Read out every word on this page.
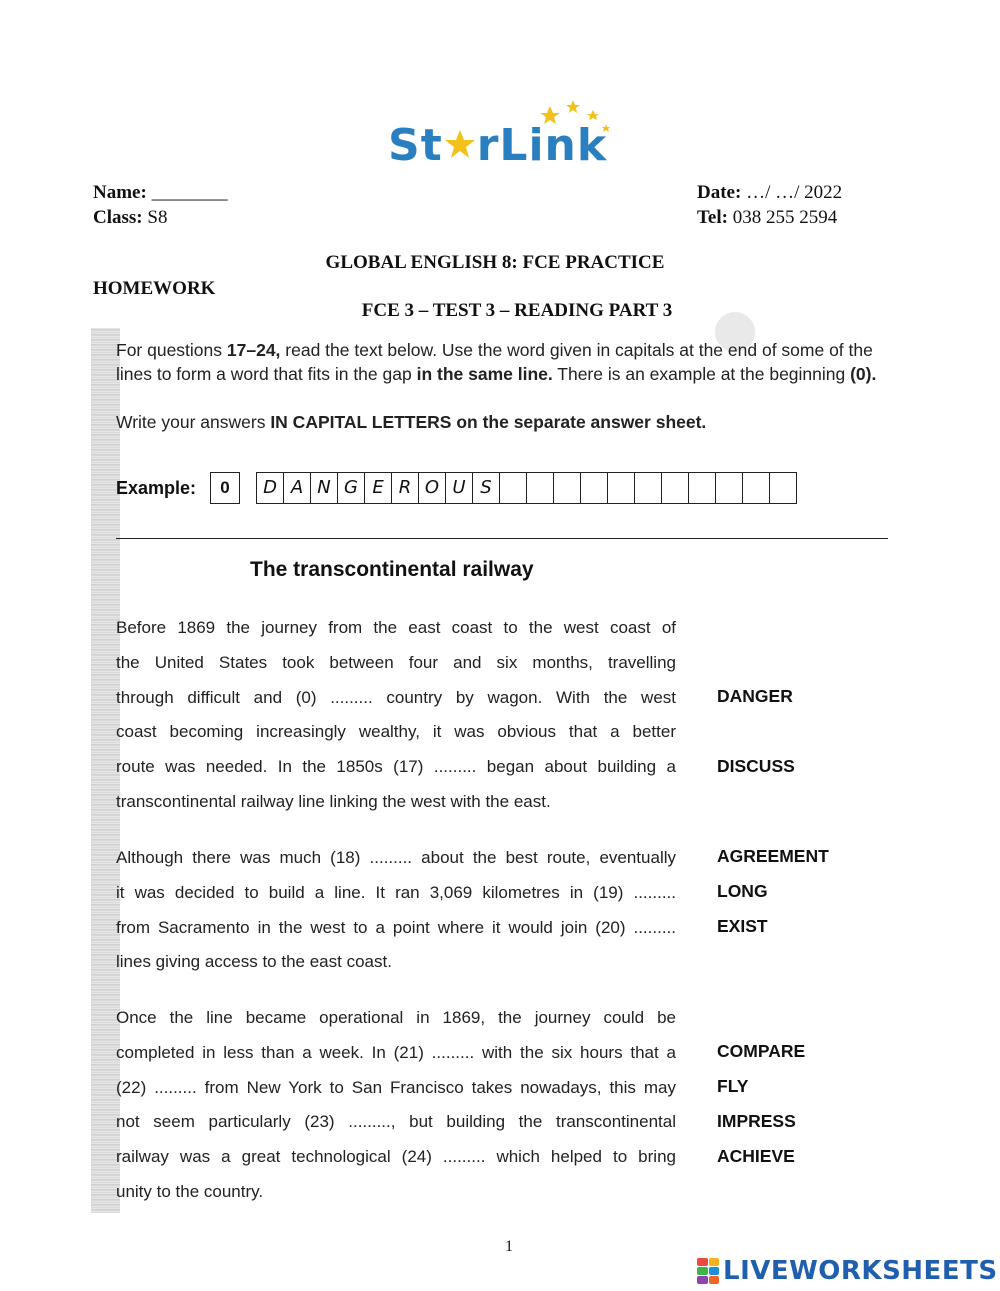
St rLink
Name: ________
Class: S8
Date: …/ …/ 2022
Tel: 038 255 2594
GLOBAL ENGLISH 8: FCE PRACTICE
HOMEWORK
FCE 3 – TEST 3 – READING PART 3
For questions 17–24, read the text below. Use the word given in capitals at the end of some of the
lines to form a word that fits in the gap in the same line. There is an example at the beginning (0).
Write your answers IN CAPITAL LETTERS on the separate answer sheet.
Example:	0	D A N G E R O U S
The transcontinental railway
Before 1869 the journey from the east coast to the west coast of
the United States took between four and six months, travelling
through difficult and (0) ......... country by wagon. With the west
coast becoming increasingly wealthy, it was obvious that a better
route was needed. In the 1850s (17) ......... began about building a
transcontinental railway line linking the west with the east.
Although there was much (18) ......... about the best route, eventually
it was decided to build a line. It ran 3,069 kilometres in (19) .........
from Sacramento in the west to a point where it would join (20) .........
lines giving access to the east coast.
Once the line became operational in 1869, the journey could be
completed in less than a week. In (21) ......... with the six hours that a
(22) ......... from New York to San Francisco takes nowadays, this may
not seem particularly (23) ........., but building the transcontinental
railway was a great technological (24) ......... which helped to bring
unity to the country.
DANGER
DISCUSS
AGREEMENT
LONG
EXIST
COMPARE
FLY
IMPRESS
ACHIEVE
1
LIVEWORKSHEETS
